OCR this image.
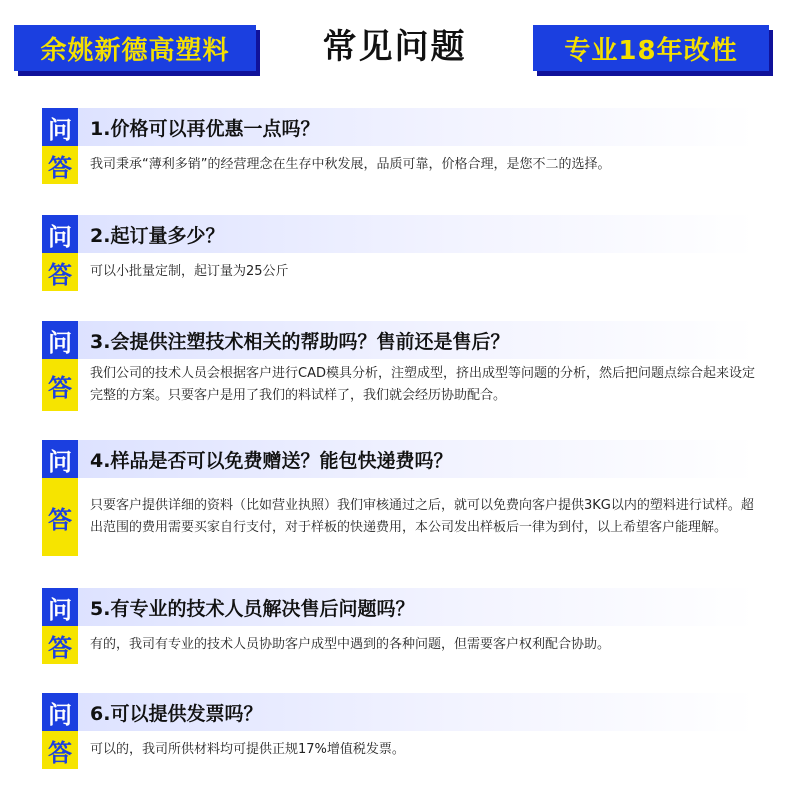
余姚新德高塑料	常见问题	专业18年改性
问 1.价格可以再优惠一点吗？
答	我司秉承“薄利多销”的经营理念在生存中秋发展，品质可靠，价格合理，是您不二的选择。
问 2.起订量多少？
答	可以小批量定制，起订量为25公斤
问 3.会提供注塑技术相关的帮助吗？售前还是售后？
答	我们公司的技术人员会根据客户进行CAD模具分析，注塑成型，挤出成型等问题的分析，然后把问题点综合起来设定完整的方案。只要客户是用了我们的料试样了，我们就会经历协助配合。
问 4.样品是否可以免费赠送？能包快递费吗？
答	只要客户提供详细的资料（比如营业执照）我们审核通过之后，就可以免费向客户提供3KG以内的塑料进行试样。超出范围的费用需要买家自行支付，对于样板的快递费用，本公司发出样板后一律为到付，以上希望客户能理解。
问 5.有专业的技术人员解决售后问题吗？
答	有的，我司有专业的技术人员协助客户成型中遇到的各种问题，但需要客户权利配合协助。
问 6.可以提供发票吗？
答	可以的，我司所供材料均可提供正规17%增值税发票。
